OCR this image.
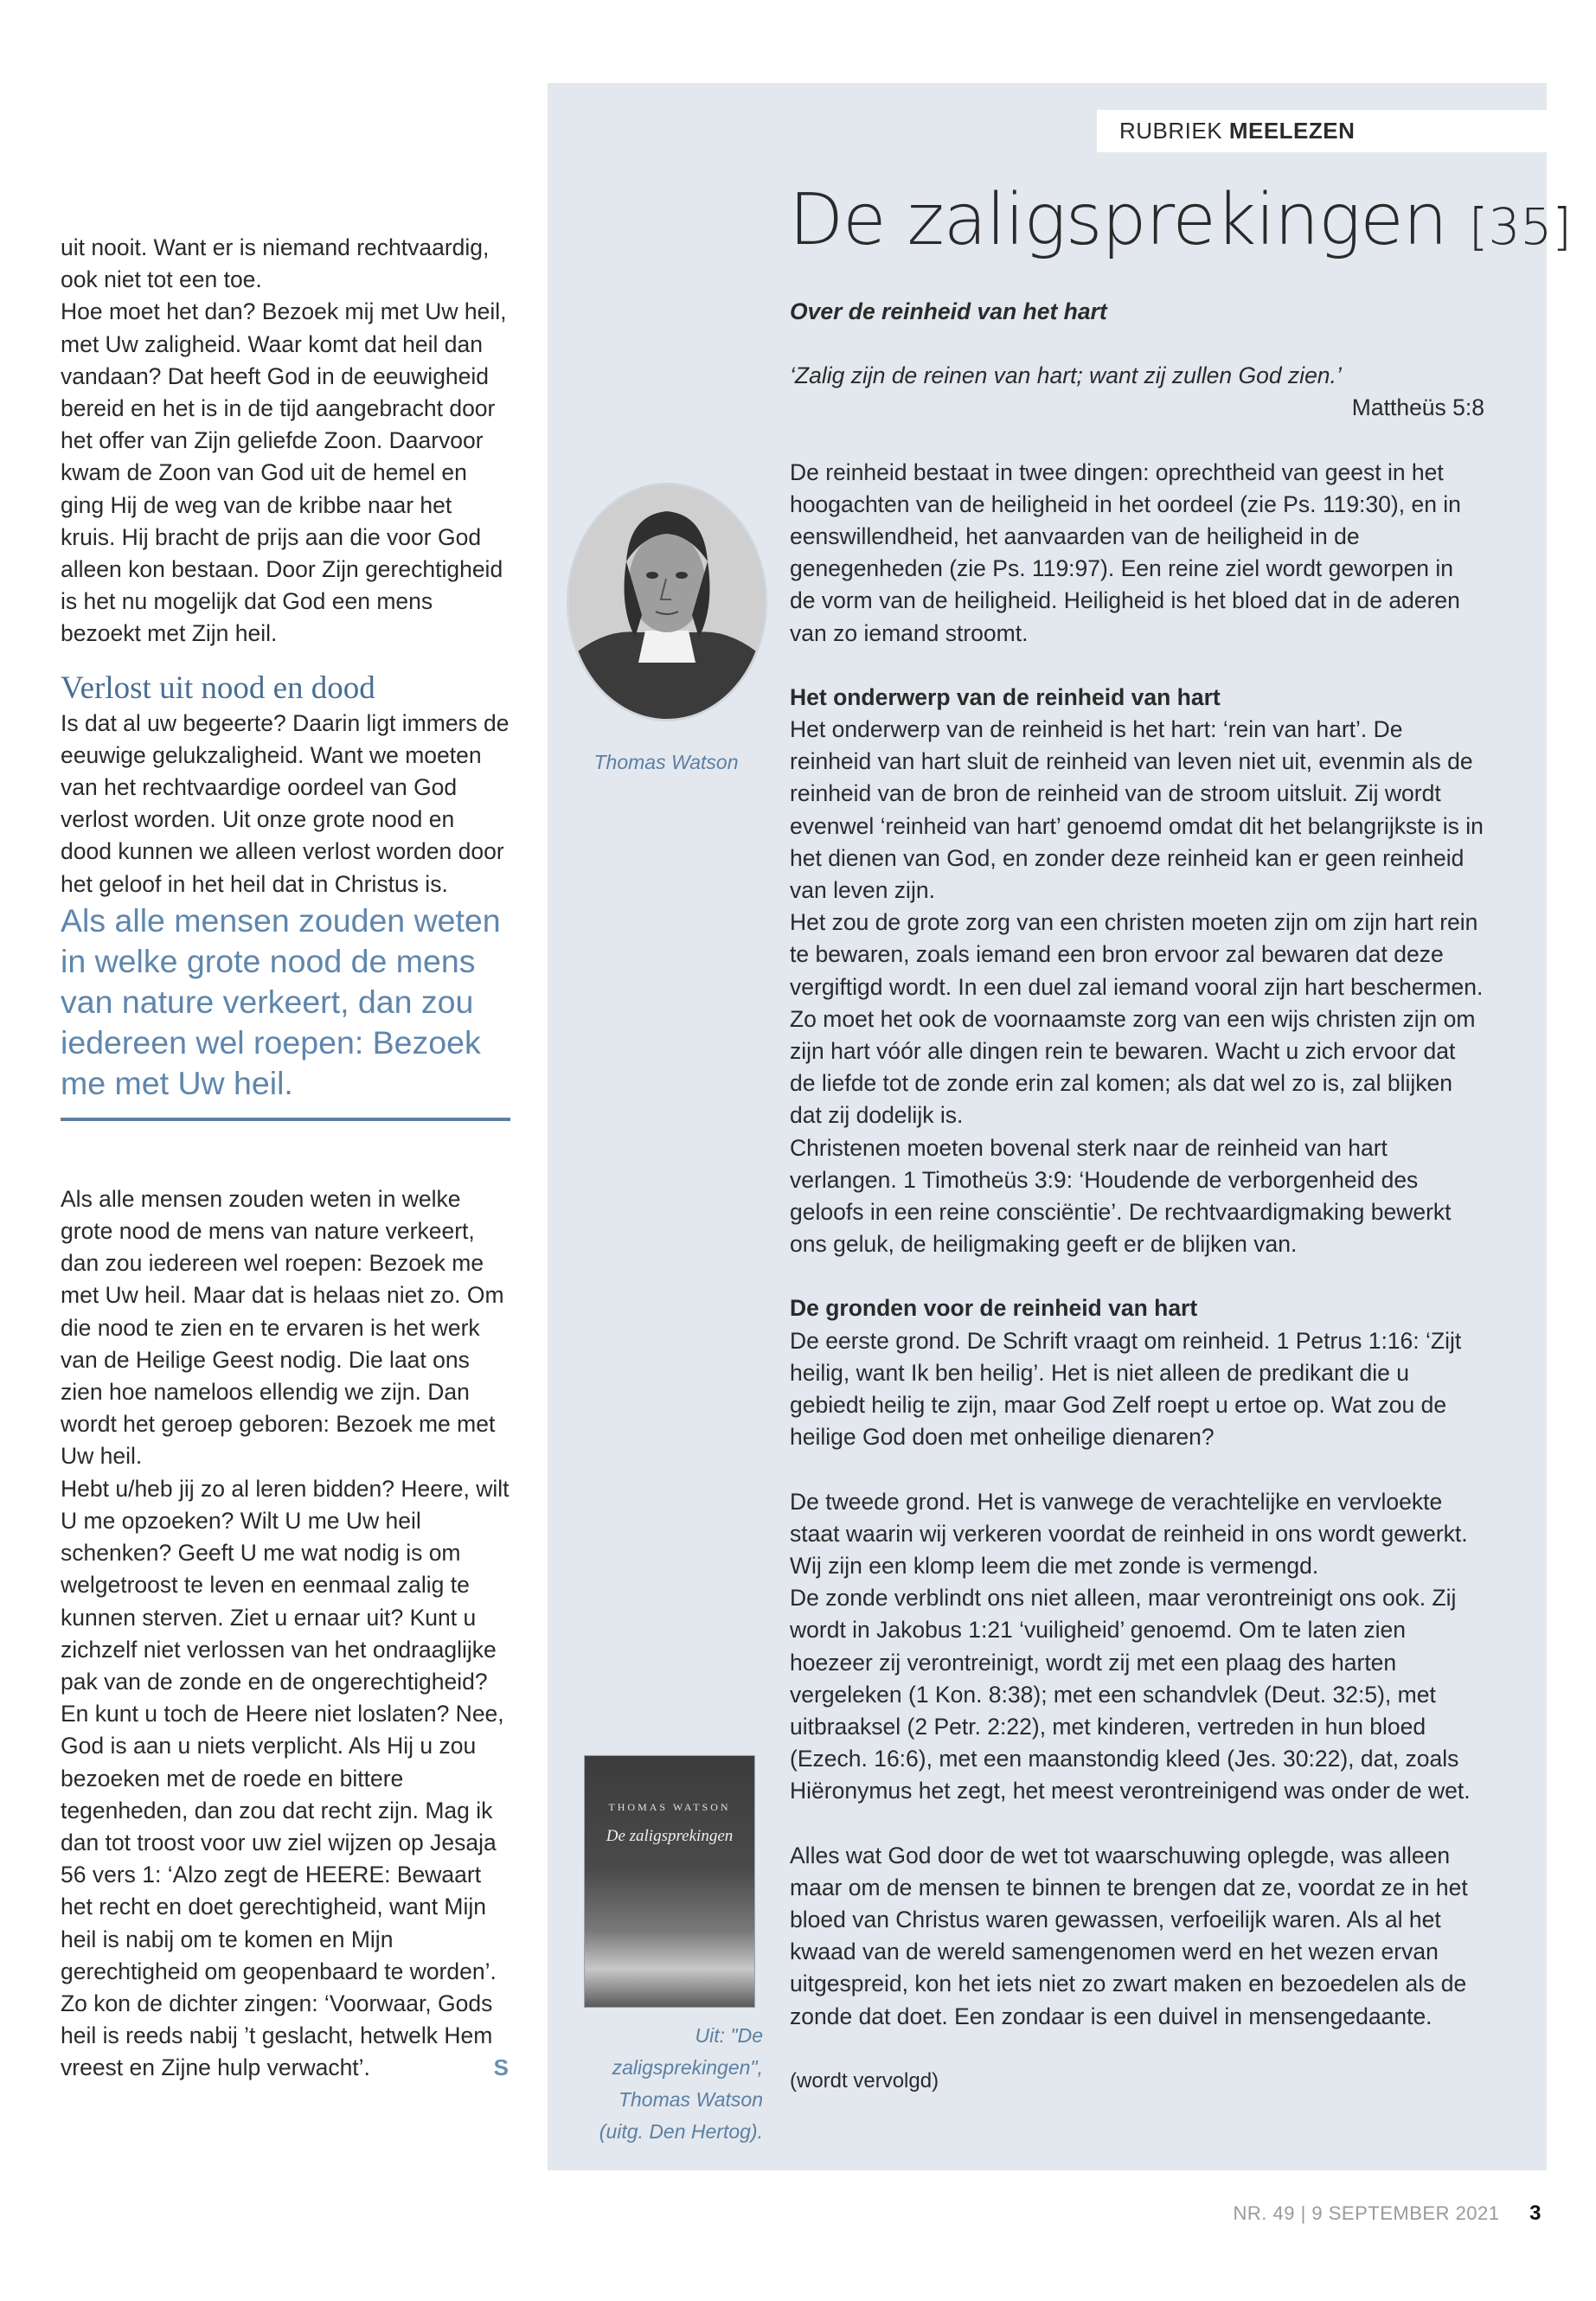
uit nooit. Want er is niemand rechtvaardig, ook niet tot een toe.

Hoe moet het dan? Bezoek mij met Uw heil, met Uw zaligheid. Waar komt dat heil dan vandaan? Dat heeft God in de eeuwigheid bereid en het is in de tijd aangebracht door het offer van Zijn geliefde Zoon. Daarvoor kwam de Zoon van God uit de hemel en ging Hij de weg van de kribbe naar het kruis. Hij bracht de prijs aan die voor God alleen kon bestaan. Door Zijn gerechtigheid is het nu mogelijk dat God een mens bezoekt met Zijn heil.

Verlost uit nood en dood

Is dat al uw begeerte? Daarin ligt immers de eeuwige gelukzaligheid. Want we moeten van het rechtvaardige oordeel van God verlost worden. Uit onze grote nood en dood kunnen we alleen verlost worden door het geloof in het heil dat in Christus is.

Als alle mensen zouden weten in welke grote nood de mens van nature verkeert, dan zou iedereen wel roepen: Bezoek me met Uw heil.

Als alle mensen zouden weten in welke grote nood de mens van nature verkeert, dan zou iedereen wel roepen: Bezoek me met Uw heil. Maar dat is helaas niet zo. Om die nood te zien en te ervaren is het werk van de Heilige Geest nodig. Die laat ons zien hoe nameloos ellendig we zijn. Dan wordt het geroep geboren: Bezoek me met Uw heil.

Hebt u/heb jij zo al leren bidden? Heere, wilt U me opzoeken? Wilt U me Uw heil schenken? Geeft U me wat nodig is om welgetroost te leven en eenmaal zalig te kunnen sterven. Ziet u ernaar uit? Kunt u zichzelf niet verlossen van het ondraaglijke pak van de zonde en de ongerechtigheid? En kunt u toch de Heere niet loslaten? Nee, God is aan u niets verplicht. Als Hij u zou bezoeken met de roede en bittere tegenheden, dan zou dat recht zijn. Mag ik dan tot troost voor uw ziel wijzen op Jesaja 56 vers 1: ‘Alzo zegt de HEERE: Bewaart het recht en doet gerechtigheid, want Mijn heil is nabij om te komen en Mijn gerechtigheid om geopenbaard te worden’. Zo kon de dichter zingen: ‘Voorwaar, Gods heil is reeds nabij ’t geslacht, hetwelk Hem vreest en Zijne hulp verwacht’.	S

RUBRIEK MEELEZEN
De zaligsprekingen [35]
Thomas Watson
THOMAS WATSON
De zaligsprekingen
Uit: "De zaligsprekingen", Thomas Watson (uitg. Den Hertog).

Over de reinheid van het hart

‘Zalig zijn de reinen van hart; want zij zullen God zien.’

Mattheüs 5:8

De reinheid bestaat in twee dingen: oprechtheid van geest in het hoogachten van de heiligheid in het oordeel (zie Ps. 119:30), en in eenswillendheid, het aanvaarden van de heiligheid in de genegenheden (zie Ps. 119:97). Een reine ziel wordt geworpen in de vorm van de heiligheid. Heiligheid is het bloed dat in de aderen van zo iemand stroomt.

Het onderwerp van de reinheid van hart

Het onderwerp van de reinheid is het hart: ‘rein van hart’. De reinheid van hart sluit de reinheid van leven niet uit, evenmin als de reinheid van de bron de reinheid van de stroom uitsluit. Zij wordt evenwel ‘reinheid van hart’ genoemd omdat dit het belangrijkste is in het dienen van God, en zonder deze reinheid kan er geen reinheid van leven zijn.

Het zou de grote zorg van een christen moeten zijn om zijn hart rein te bewaren, zoals iemand een bron ervoor zal bewaren dat deze vergiftigd wordt. In een duel zal iemand vooral zijn hart beschermen. Zo moet het ook de voornaamste zorg van een wijs christen zijn om zijn hart vóór alle dingen rein te bewaren. Wacht u zich ervoor dat de liefde tot de zonde erin zal komen; als dat wel zo is, zal blijken dat zij dodelijk is.

Christenen moeten bovenal sterk naar de reinheid van hart verlangen. 1 Timotheüs 3:9: ‘Houdende de verborgenheid des geloofs in een reine consciëntie’. De rechtvaardigmaking bewerkt ons geluk, de heiligmaking geeft er de blijken van.

De gronden voor de reinheid van hart

De eerste grond. De Schrift vraagt om reinheid. 1 Petrus 1:16: ‘Zijt heilig, want Ik ben heilig’. Het is niet alleen de predikant die u gebiedt heilig te zijn, maar God Zelf roept u ertoe op. Wat zou de heilige God doen met onheilige dienaren?

De tweede grond. Het is vanwege de verachtelijke en vervloekte staat waarin wij verkeren voordat de reinheid in ons wordt gewerkt. Wij zijn een klomp leem die met zonde is vermengd.

De zonde verblindt ons niet alleen, maar verontreinigt ons ook. Zij wordt in Jakobus 1:21 ‘vuiligheid’ genoemd. Om te laten zien hoezeer zij verontreinigt, wordt zij met een plaag des harten vergeleken (1 Kon. 8:38); met een schandvlek (Deut. 32:5), met uitbraaksel (2 Petr. 2:22), met kinderen, vertreden in hun bloed (Ezech. 16:6), met een maanstondig kleed (Jes. 30:22), dat, zoals Hiëronymus het zegt, het meest verontreinigend was onder de wet.

Alles wat God door de wet tot waarschuwing oplegde, was alleen maar om de mensen te binnen te brengen dat ze, voordat ze in het bloed van Christus waren gewassen, verfoeilijk waren. Als al het kwaad van de wereld samengenomen werd en het wezen ervan uitgespreid, kon het iets niet zo zwart maken en bezoedelen als de zonde dat doet. Een zondaar is een duivel in mensengedaante.

(wordt vervolgd)

NR. 49 | 9 SEPTEMBER 2021 3
